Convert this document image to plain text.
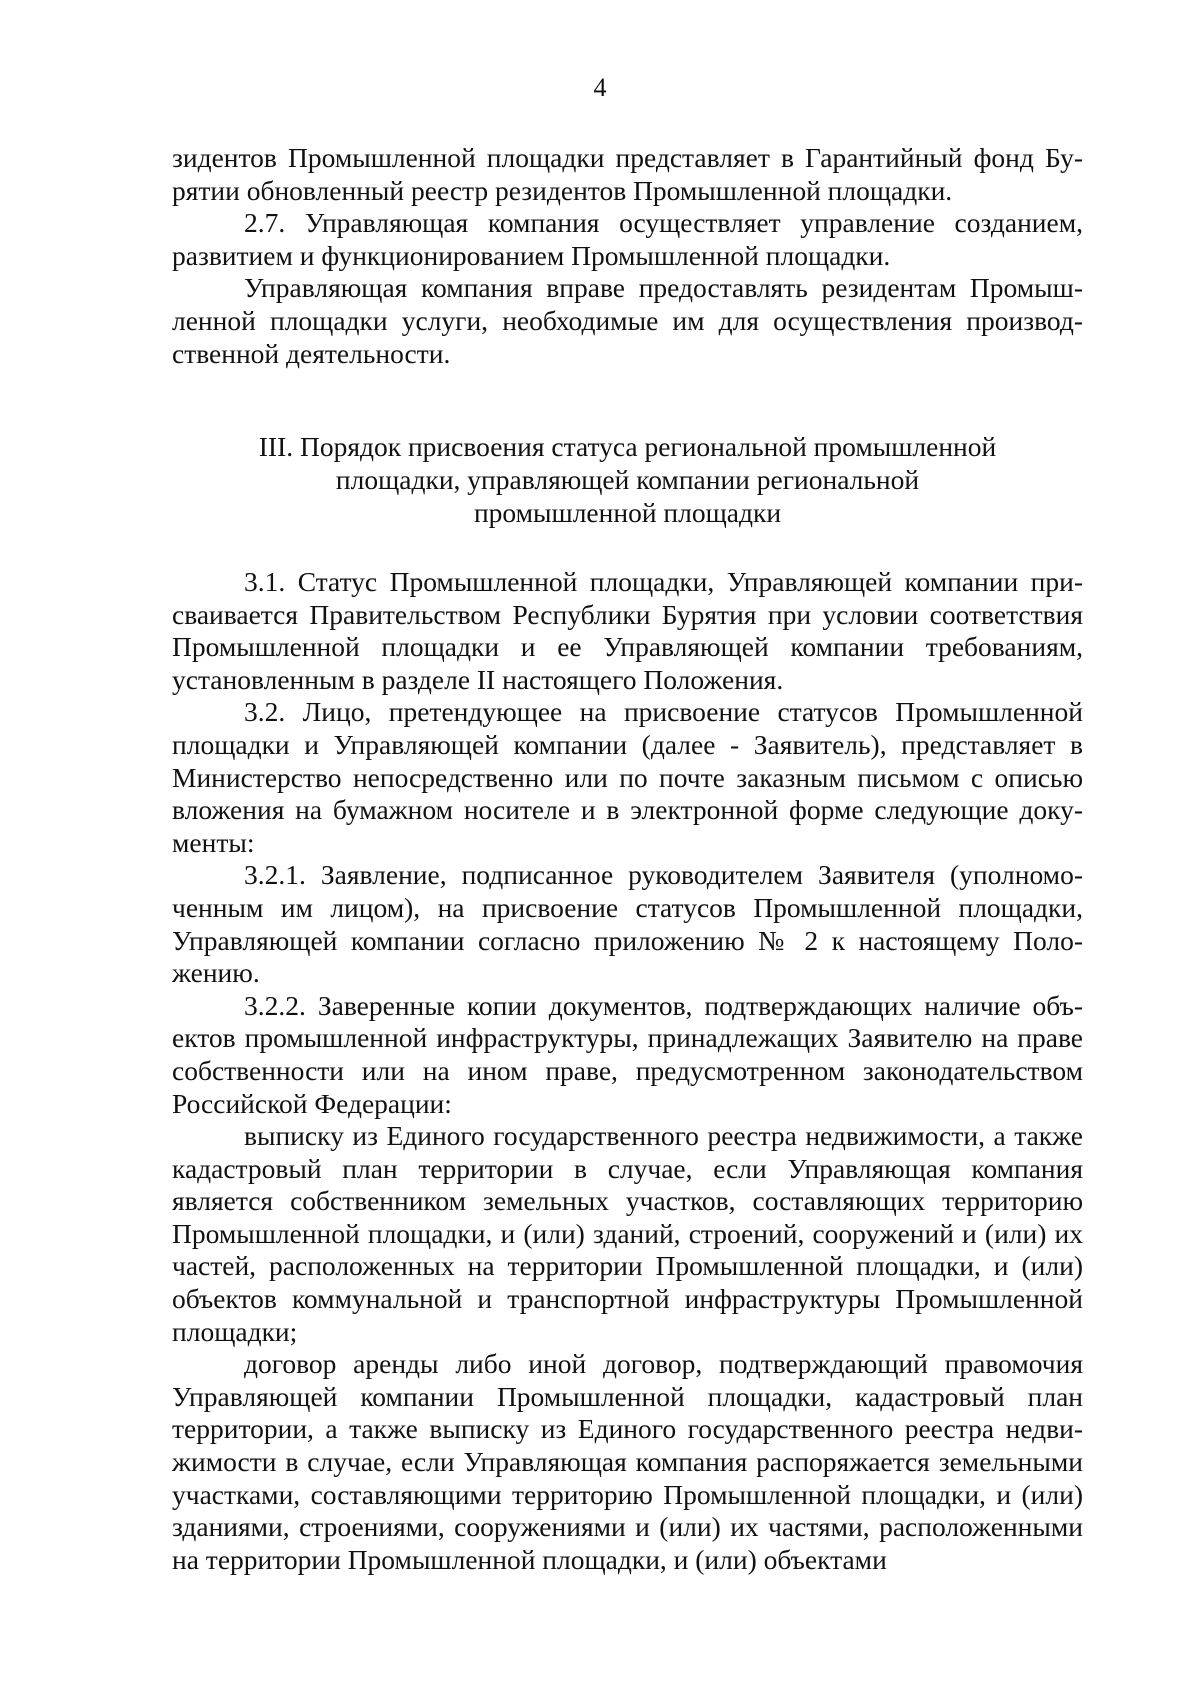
4

зидентов Промышленной площадки представляет в Гарантийный фонд Бурятии обновленный реестр резидентов Промышленной площадки.

2.7. Управляющая компания осуществляет управление созданием, развитием и функционированием Промышленной площадки.

Управляющая компания вправе предоставлять резидентам Промышленной площадки услуги, необходимые им для осуществления производственной деятельности.

III. Порядок присвоения статуса региональной промышленной
площадки, управляющей компании региональной
промышленной площадки

3.1. Статус Промышленной площадки, Управляющей компании присваивается Правительством Республики Бурятия при условии соответствия Промышленной площадки и ее Управляющей компании требованиям, установленным в разделе II настоящего Положения.

3.2. Лицо, претендующее на присвоение статусов Промышленной площадки и Управляющей компании (далее - Заявитель), представляет в Министерство непосредственно или по почте заказным письмом с описью вложения на бумажном носителе и в электронной форме следующие документы:

3.2.1. Заявление, подписанное руководителем Заявителя (уполномоченным им лицом), на присвоение статусов Промышленной площадки, Управляющей компании согласно приложению № 2 к настоящему Положению.

3.2.2. Заверенные копии документов, подтверждающих наличие объектов промышленной инфраструктуры, принадлежащих Заявителю на праве собственности или на ином праве, предусмотренном законодательством Российской Федерации:

выписку из Единого государственного реестра недвижимости, а также кадастровый план территории в случае, если Управляющая компания является собственником земельных участков, составляющих территорию Промышленной площадки, и (или) зданий, строений, сооружений и (или) их частей, расположенных на территории Промышленной площадки, и (или) объектов коммунальной и транспортной инфраструктуры Промышленной площадки;

договор аренды либо иной договор, подтверждающий правомочия Управляющей компании Промышленной площадки, кадастровый план территории, а также выписку из Единого государственного реестра недвижимости в случае, если Управляющая компания распоряжается земельными участками, составляющими территорию Промышленной площадки, и (или) зданиями, строениями, сооружениями и (или) их частями, расположенными на территории Промышленной площадки, и (или) объектами
